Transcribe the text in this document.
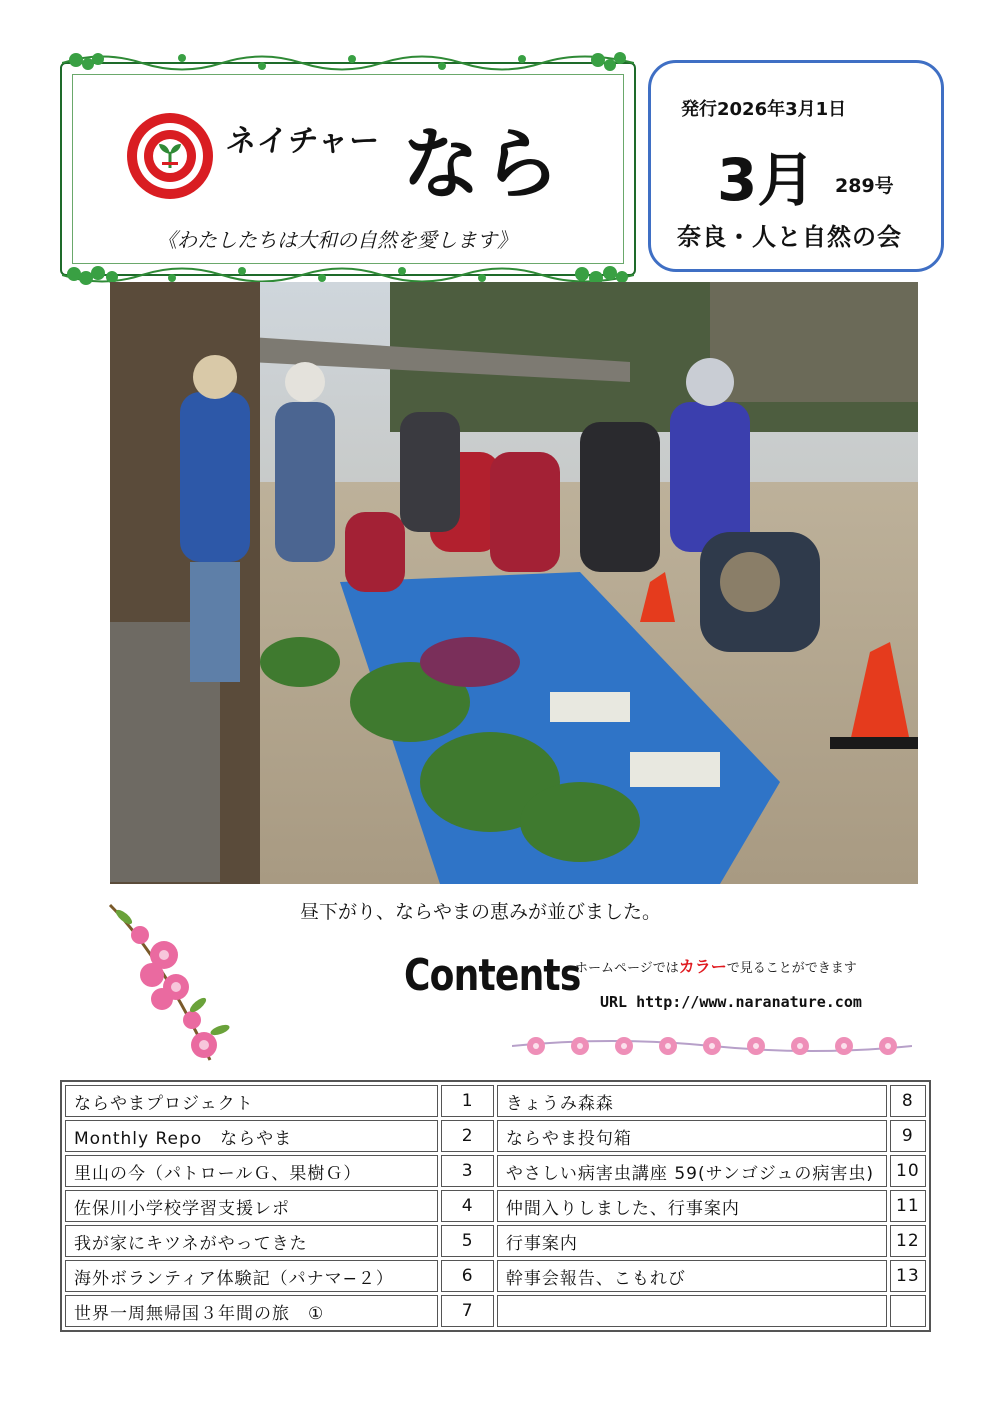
ネイチャー なら
《わたしたちは大和の自然を愛します》
発行2026年3月1日
3月 289号
奈良・人と自然の会
昼下がり、ならやまの恵みが並びました。
Contents
ホームページではカラーで見ることができます
URL http://www.naranature.com
ならやまプロジェクト	1	きょうみ森森	8
Monthly Repo　ならやま	2	ならやま投句箱	9
里山の今（パトロールＧ、果樹Ｇ）	3	やさしい病害虫講座 59(サンゴジュの病害虫)	10
佐保川小学校学習支援レポ	4	仲間入りしました、行事案内	11
我が家にキツネがやってきた	5	行事案内	12
海外ボランティア体験記（パナマ−２）	6	幹事会報告、こもれび	13
世界一周無帰国３年間の旅　①	7		
